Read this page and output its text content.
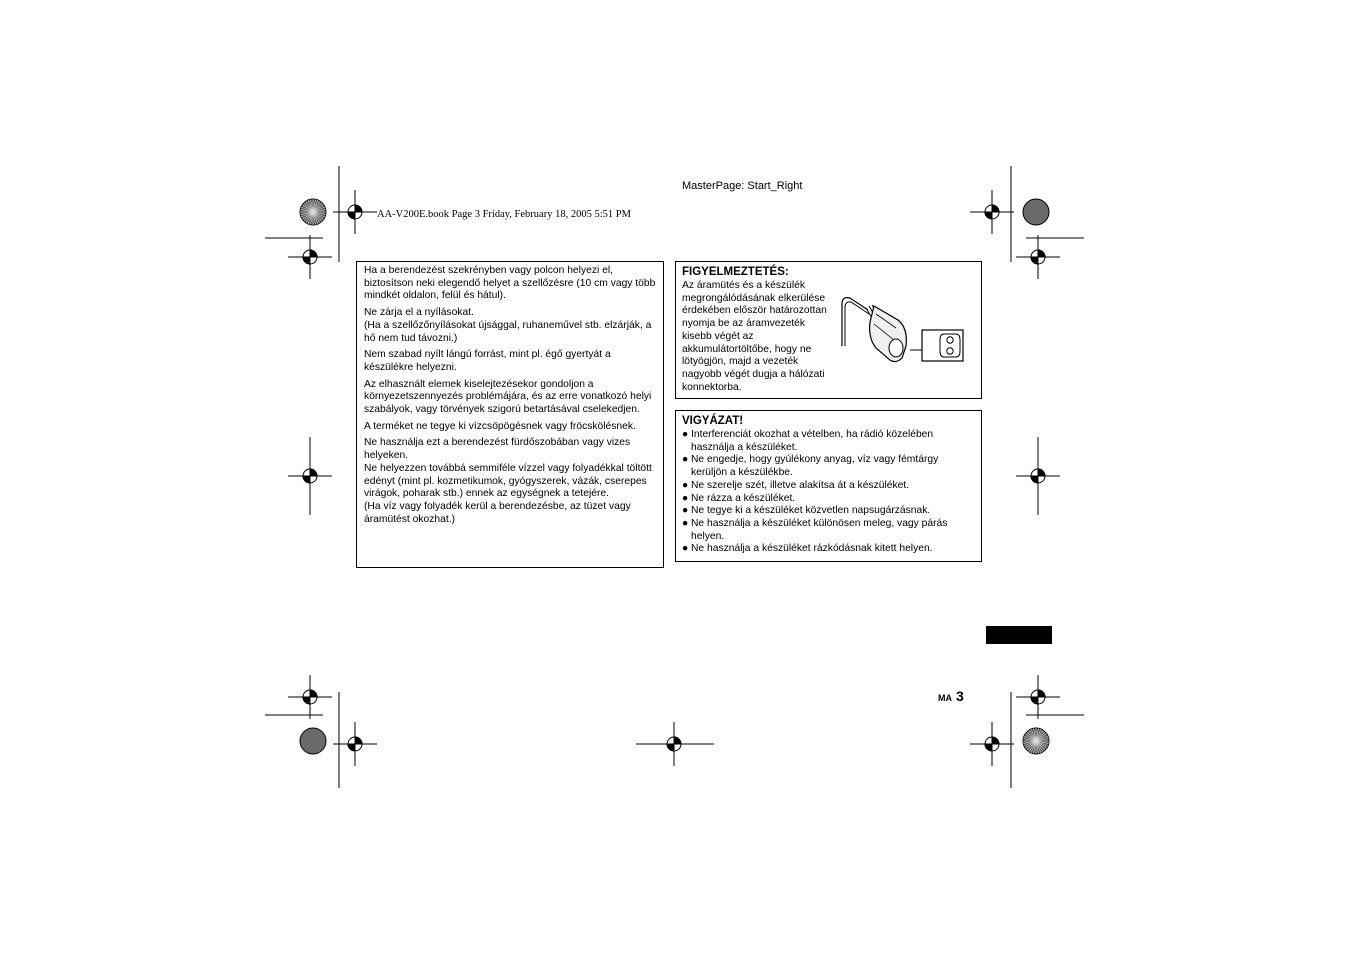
MasterPage: Start_Right
AA-V200E.book Page 3 Friday, February 18, 2005 5:51 PM

Ha a berendezést szekrényben vagy polcon helyezi el, biztosítson neki elegendő helyet a szellőzésre (10 cm vagy több mindkét oldalon, felül és hátul).

Ne zárja el a nyílásokat.

(Ha a szellőzőnyílásokat újsággal, ruhaneművel stb. elzárják, a hő nem tud távozni.)

Nem szabad nyílt lángú forrást, mint pl. égő gyertyát a készülékre helyezni.

Az elhasznált elemek kiselejtezésekor gondoljon a környezetszennyezés problémájára, és az erre vonatkozó helyi szabályok, vagy törvények szigorú betartásával cselekedjen.

A terméket ne tegye ki vízcsöpögésnek vagy fröcskölésnek.

Ne használja ezt a berendezést fürdőszobában vagy vizes helyeken.

Ne helyezzen továbbá semmiféle vízzel vagy folyadékkal töltött edényt (mint pl. kozmetikumok, gyógyszerek, vázák, cserepes virágok, poharak stb.) ennek az egységnek a tetejére.

(Ha víz vagy folyadék kerül a berendezésbe, az tüzet vagy áramütést okozhat.)

FIGYELMEZTETÉS:

Az áramütés és a készülék megrongálódásának elkerülése érdekében először határozottan nyomja be az áramvezeték kisebb végét az akkumulátortöltőbe, hogy ne lötyögjön, majd a vezeték nagyobb végét dugja a hálózati konnektorba.

VIGYÁZAT!
● Interferenciát okozhat a vételben, ha rádió közelében használja a készüléket.
● Ne engedje, hogy gyúlékony anyag, víz vagy fémtárgy kerüljön a készülékbe.
● Ne szerelje szét, illetve alakítsa át a készüléket.
● Ne rázza a készüléket.
● Ne tegye ki a készüléket közvetlen napsugárzásnak.
● Ne használja a készüléket különösen meleg, vagy párás helyen.
● Ne használja a készüléket rázkódásnak kitett helyen.
MA 3
